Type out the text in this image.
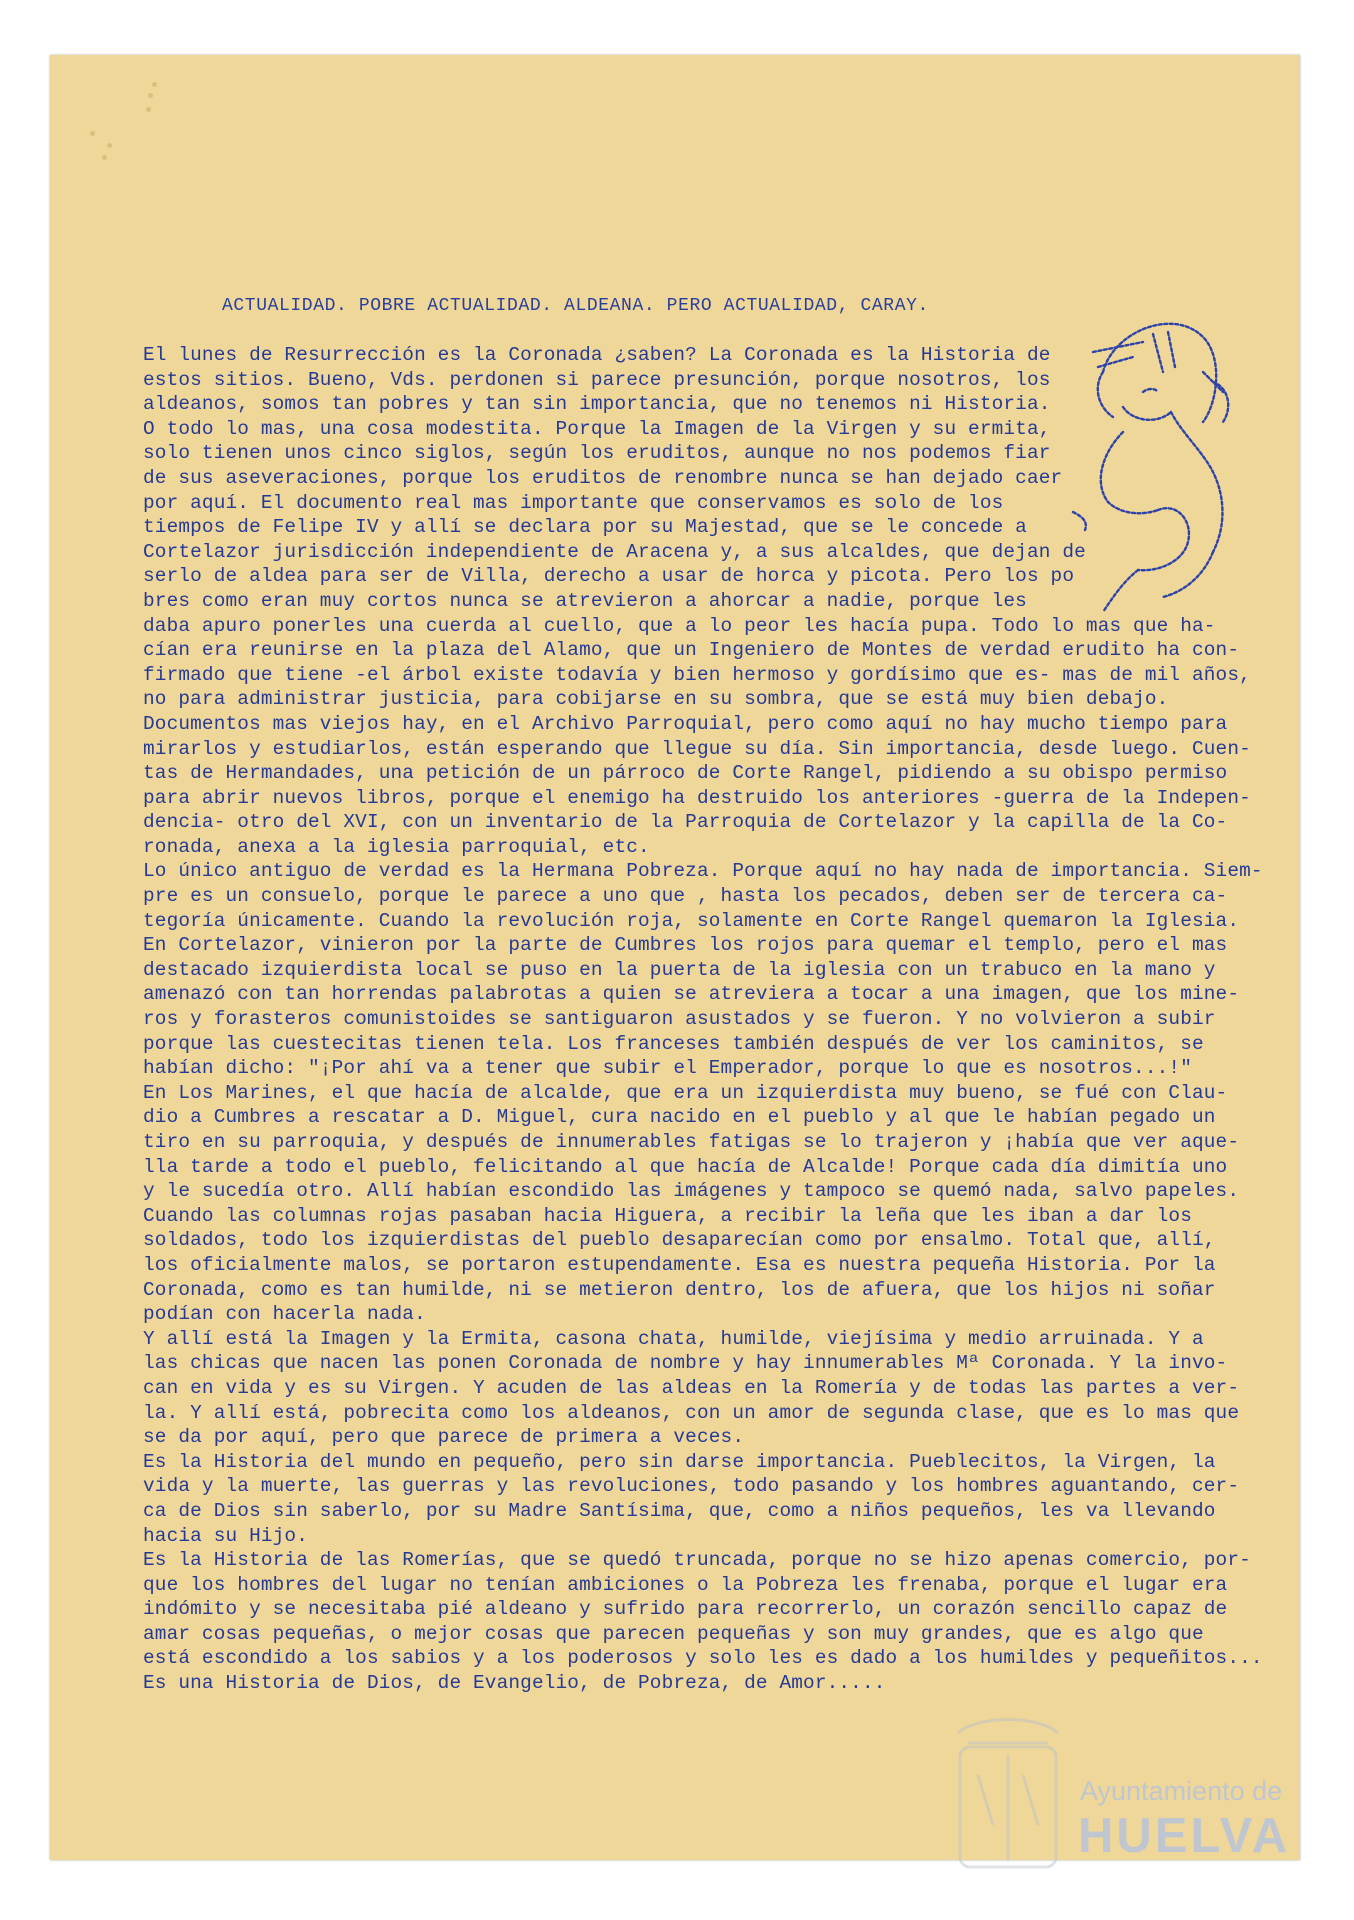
ACTUALIDAD. POBRE ACTUALIDAD. ALDEANA. PERO ACTUALIDAD, CARAY.

El lunes de Resurrección es la Coronada ¿saben? La Coronada es la Historia de

estos sitios. Bueno, Vds. perdonen si parece presunción, porque nosotros, los

aldeanos, somos tan pobres y tan sin importancia, que no tenemos ni Historia.

O todo lo mas, una cosa modestita. Porque la Imagen de la Virgen y su ermita,

solo tienen unos cinco siglos, según los eruditos, aunque no nos podemos fiar

de sus aseveraciones, porque los eruditos de renombre nunca se han dejado caer

por aquí. El documento real mas importante que conservamos es solo de los

tiempos de Felipe IV y allí se declara por su Majestad, que se le concede a

Cortelazor jurisdicción independiente de Aracena y, a sus alcaldes, que dejan de

serlo de aldea para ser de Villa, derecho a usar de horca y picota. Pero los po

bres como eran muy cortos nunca se atrevieron a ahorcar a nadie, porque les

daba apuro ponerles una cuerda al cuello, que a lo peor les hacía pupa. Todo lo mas que ha-

cían era reunirse en la plaza del Alamo, que un Ingeniero de Montes de verdad erudito ha con-

firmado que tiene -el árbol existe todavía y bien hermoso y gordísimo que es- mas de mil años,

no para administrar justicia, para cobijarse en su sombra, que se está muy bien debajo.

Documentos mas viejos hay, en el Archivo Parroquial, pero como aquí no hay mucho tiempo para

mirarlos y estudiarlos, están esperando que llegue su día. Sin importancia, desde luego. Cuen-

tas de Hermandades, una petición de un párroco de Corte Rangel, pidiendo a su obispo permiso

para abrir nuevos libros, porque el enemigo ha destruido los anteriores -guerra de la Indepen-

dencia- otro del XVI, con un inventario de la Parroquia de Cortelazor y la capilla de la Co-

ronada, anexa a la iglesia parroquial, etc.

Lo único antiguo de verdad es la Hermana Pobreza. Porque aquí no hay nada de importancia. Siem-

pre es un consuelo, porque le parece a uno que , hasta los pecados, deben ser de tercera ca-

tegoría únicamente. Cuando la revolución roja, solamente en Corte Rangel quemaron la Iglesia.

En Cortelazor, vinieron por la parte de Cumbres los rojos para quemar el templo, pero el mas

destacado izquierdista local se puso en la puerta de la iglesia con un trabuco en la mano y

amenazó con tan horrendas palabrotas a quien se atreviera a tocar a una imagen, que los mine-

ros y forasteros comunistoides se santiguaron asustados y se fueron. Y no volvieron a subir

porque las cuestecitas tienen tela. Los franceses también después de ver los caminitos, se

habían dicho: "¡Por ahí va a tener que subir el Emperador, porque lo que es nosotros...!"

En Los Marines, el que hacía de alcalde, que era un izquierdista muy bueno, se fué con Clau-

dio a Cumbres a rescatar a D. Miguel, cura nacido en el pueblo y al que le habían pegado un

tiro en su parroquia, y después de innumerables fatigas se lo trajeron y ¡había que ver aque-

lla tarde a todo el pueblo, felicitando al que hacía de Alcalde! Porque cada día dimitía uno

y le sucedía otro. Allí habían escondido las imágenes y tampoco se quemó nada, salvo papeles.

Cuando las columnas rojas pasaban hacia Higuera, a recibir la leña que les iban a dar los

soldados, todo los izquierdistas del pueblo desaparecían como por ensalmo. Total que, allí,

los oficialmente malos, se portaron estupendamente. Esa es nuestra pequeña Historia. Por la

Coronada, como es tan humilde, ni se metieron dentro, los de afuera, que los hijos ni soñar

podían con hacerla nada.

Y allí está la Imagen y la Ermita, casona chata, humilde, viejísima y medio arruinada. Y a

las chicas que nacen las ponen Coronada de nombre y hay innumerables Mª Coronada. Y la invo-

can en vida y es su Virgen. Y acuden de las aldeas en la Romería y de todas las partes a ver-

la. Y allí está, pobrecita como los aldeanos, con un amor de segunda clase, que es lo mas que

se da por aquí, pero que parece de primera a veces.

Es la Historia del mundo en pequeño, pero sin darse importancia. Pueblecitos, la Virgen, la

vida y la muerte, las guerras y las revoluciones, todo pasando y los hombres aguantando, cer-

ca de Dios sin saberlo, por su Madre Santísima, que, como a niños pequeños, les va llevando

hacia su Hijo.

Es la Historia de las Romerías, que se quedó truncada, porque no se hizo apenas comercio, por-

que los hombres del lugar no tenían ambiciones o la Pobreza les frenaba, porque el lugar era

indómito y se necesitaba pié aldeano y sufrido para recorrerlo, un corazón sencillo capaz de

amar cosas pequeñas, o mejor cosas que parecen pequeñas y son muy grandes, que es algo que

está escondido a los sabios y a los poderosos y solo les es dado a los humildes y pequeñitos...

Es una Historia de Dios, de Evangelio, de Pobreza, de Amor.....

Ayuntamiento de
HUELVA
